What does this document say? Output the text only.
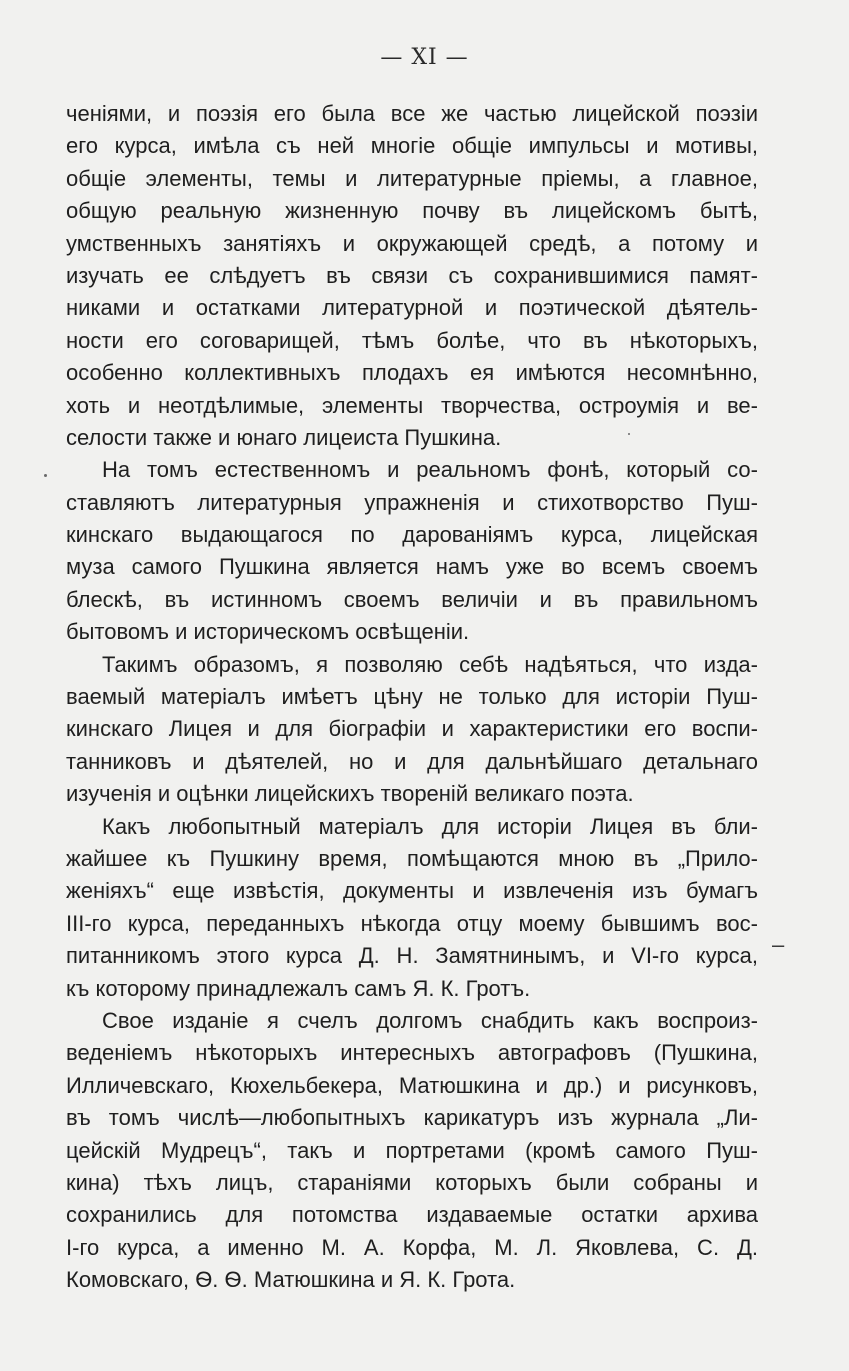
— XI —
ченіями, и поэзія его была все же частью лицейской поэзіи
его курса, имѣла съ ней многіе общіе импульсы и мотивы,
общіе элементы, темы и литературные пріемы, а главное,
общую реальную жизненную почву въ лицейскомъ бытѣ,
умственныхъ занятіяхъ и окружающей средѣ, а потому и
изучать ее слѣдуетъ въ связи съ сохранившимися памят-
никами и остатками литературной и поэтической дѣятель-
ности его соговарищей, тѣмъ болѣе, что въ нѣкоторыхъ,
особенно коллективныхъ плодахъ ея имѣются несомнѣнно,
хоть и неотдѣлимые, элементы творчества, остроумія и ве-
селости также и юнаго лицеиста Пушкина.
На томъ естественномъ и реальномъ фонѣ, который со-
ставляютъ литературныя упражненія и стихотворство Пуш-
кинскаго выдающагося по дарованіямъ курса, лицейская
муза самого Пушкина является намъ уже во всемъ своемъ
блескѣ, въ истинномъ своемъ величіи и въ правильномъ
бытовомъ и историческомъ освѣщеніи.
Такимъ образомъ, я позволяю себѣ надѣяться, что изда-
ваемый матеріалъ имѣетъ цѣну не только для исторіи Пуш-
кинскаго Лицея и для біографіи и характеристики его воспи-
танниковъ и дѣятелей, но и для дальнѣйшаго детальнаго
изученія и оцѣнки лицейскихъ твореній великаго поэта.
Какъ любопытный матеріалъ для исторіи Лицея въ бли-
жайшее къ Пушкину время, помѣщаются мною въ „Прило-
женіяхъ“ еще извѣстія, документы и извлеченія изъ бумагъ
III-го курса, переданныхъ нѣкогда отцу моему бывшимъ вос-
питанникомъ этого курса Д. Н. Замятнинымъ, и VI-го курса,
къ которому принадлежалъ самъ Я. К. Гротъ.
Свое изданіе я счелъ долгомъ снабдить какъ воспроиз-
веденіемъ нѣкоторыхъ интересныхъ автографовъ (Пушкина,
Илличевскаго, Кюхельбекера, Матюшкина и др.) и рисунковъ,
въ томъ числѣ—любопытныхъ карикатуръ изъ журнала „Ли-
цейскій Мудрецъ“, такъ и портретами (кромѣ самого Пуш-
кина) тѣхъ лицъ, стараніями которыхъ были собраны и
сохранились для потомства издаваемые остатки архива
I-го курса, а именно М. А. Корфа, М. Л. Яковлева, С. Д.
Комовскаго, Ѳ. Ѳ. Матюшкина и Я. К. Грота.
–
